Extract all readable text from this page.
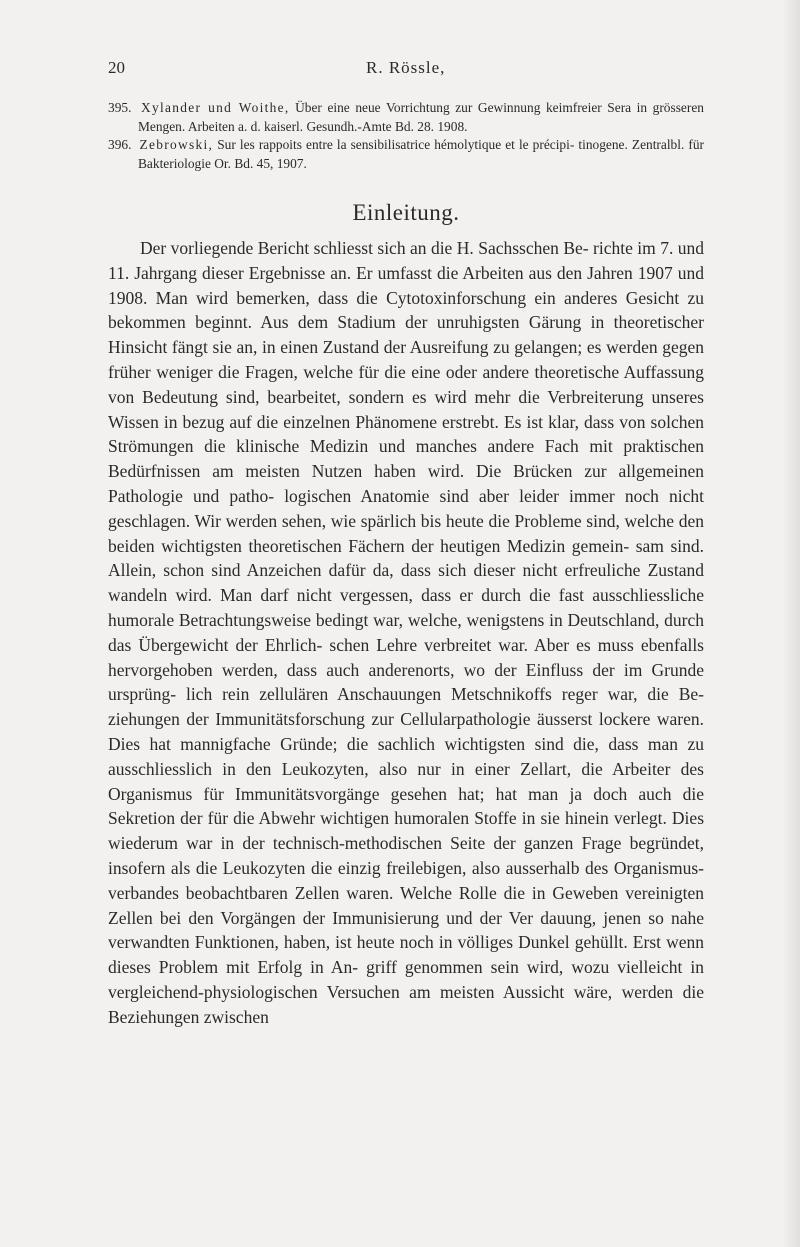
20	R. Rössle,

395. Xylander und Woithe, Über eine neue Vorrichtung zur Gewinnung keimfreier Sera in grösseren Mengen. Arbeiten a. d. kaiserl. Gesundh.-Amte Bd. 28. 1908.

396. Zebrowski, Sur les rappoits entre la sensibilisatrice hémolytique et le précipi- tinogene. Zentralbl. für Bakteriologie Or. Bd. 45, 1907.

Einleitung.

Der vorliegende Bericht schliesst sich an die H. Sachsschen Be- richte im 7. und 11. Jahrgang dieser Ergebnisse an. Er umfasst die Arbeiten aus den Jahren 1907 und 1908. Man wird bemerken, dass die Cytotoxinforschung ein anderes Gesicht zu bekommen beginnt. Aus dem Stadium der unruhigsten Gärung in theoretischer Hinsicht fängt sie an, in einen Zustand der Ausreifung zu gelangen; es werden gegen früher weniger die Fragen, welche für die eine oder andere theoretische Auffassung von Bedeutung sind, bearbeitet, sondern es wird mehr die Verbreiterung unseres Wissen in bezug auf die einzelnen Phänomene erstrebt. Es ist klar, dass von solchen Strömungen die klinische Medizin und manches andere Fach mit praktischen Bedürfnissen am meisten Nutzen haben wird. Die Brücken zur allgemeinen Pathologie und patho- logischen Anatomie sind aber leider immer noch nicht geschlagen. Wir werden sehen, wie spärlich bis heute die Probleme sind, welche den beiden wichtigsten theoretischen Fächern der heutigen Medizin gemein- sam sind. Allein, schon sind Anzeichen dafür da, dass sich dieser nicht erfreuliche Zustand wandeln wird. Man darf nicht vergessen, dass er durch die fast ausschliessliche humorale Betrachtungsweise bedingt war, welche, wenigstens in Deutschland, durch das Übergewicht der Ehrlich- schen Lehre verbreitet war. Aber es muss ebenfalls hervorgehoben werden, dass auch anderenorts, wo der Einfluss der im Grunde ursprüng- lich rein zellulären Anschauungen Metschnikoffs reger war, die Be- ziehungen der Immunitätsforschung zur Cellularpathologie äusserst lockere waren. Dies hat mannigfache Gründe; die sachlich wichtigsten sind die, dass man zu ausschliesslich in den Leukozyten, also nur in einer Zellart, die Arbeiter des Organismus für Immunitätsvorgänge gesehen hat; hat man ja doch auch die Sekretion der für die Abwehr wichtigen humoralen Stoffe in sie hinein verlegt. Dies wiederum war in der technisch-methodischen Seite der ganzen Frage begründet, insofern als die Leukozyten die einzig freilebigen, also ausserhalb des Organismus- verbandes beobachtbaren Zellen waren. Welche Rolle die in Geweben vereinigten Zellen bei den Vorgängen der Immunisierung und der Ver dauung, jenen so nahe verwandten Funktionen, haben, ist heute noch in völliges Dunkel gehüllt. Erst wenn dieses Problem mit Erfolg in An- griff genommen sein wird, wozu vielleicht in vergleichend-physiologischen Versuchen am meisten Aussicht wäre, werden die Beziehungen zwischen
